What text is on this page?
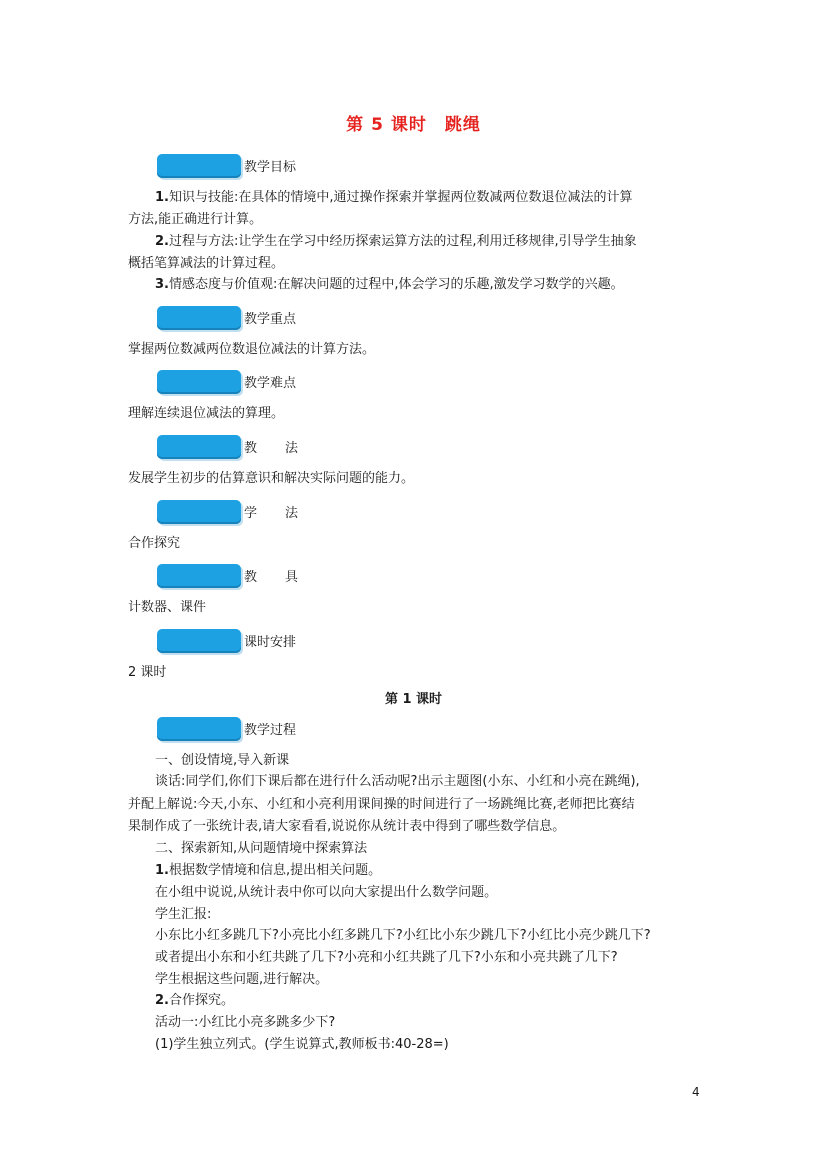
第 5 课时　跳绳
教学目标
1.知识与技能:在具体的情境中,通过操作探索并掌握两位数减两位数退位减法的计算
方法,能正确进行计算。
2.过程与方法:让学生在学习中经历探索运算方法的过程,利用迁移规律,引导学生抽象
概括笔算减法的计算过程。
3.情感态度与价值观:在解决问题的过程中,体会学习的乐趣,激发学习数学的兴趣。
教学重点
掌握两位数减两位数退位减法的计算方法。
教学难点
理解连续退位减法的算理。
教法
发展学生初步的估算意识和解决实际问题的能力。
学法
合作探究
教具
计数器、课件
课时安排
2 课时
第 1 课时
教学过程
一、创设情境,导入新课
谈话:同学们,你们下课后都在进行什么活动呢?出示主题图(小东、小红和小亮在跳绳),
并配上解说:今天,小东、小红和小亮利用课间操的时间进行了一场跳绳比赛,老师把比赛结
果制作成了一张统计表,请大家看看,说说你从统计表中得到了哪些数学信息。
二、探索新知,从问题情境中探索算法
1.根据数学情境和信息,提出相关问题。
在小组中说说,从统计表中你可以向大家提出什么数学问题。
学生汇报:
小东比小红多跳几下?小亮比小红多跳几下?小红比小东少跳几下?小红比小亮少跳几下?
或者提出小东和小红共跳了几下?小亮和小红共跳了几下?小东和小亮共跳了几下?
学生根据这些问题,进行解决。
2.合作探究。
活动一:小红比小亮多跳多少下?
(1)学生独立列式。(学生说算式,教师板书:40-28=)
4
